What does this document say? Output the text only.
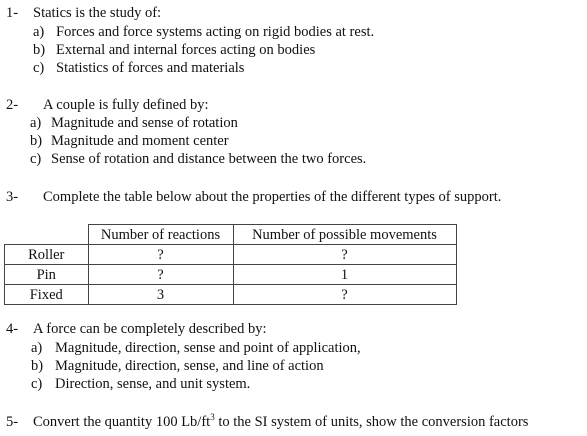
1- Statics is the study of:
a) Forces and force systems acting on rigid bodies at rest.
b) External and internal forces acting on bodies
c) Statistics of forces and materials
2- A couple is fully defined by:
a) Magnitude and sense of rotation
b) Magnitude and moment center
c) Sense of rotation and distance between the two forces.
3- Complete the table below about the properties of the different types of support.
	Number of reactions	Number of possible movements
Roller	?	?
Pin	?	1
Fixed	3	?
4- A force can be completely described by:
a) Magnitude, direction, sense and point of application,
b) Magnitude, direction, sense, and line of action
c) Direction, sense, and unit system.
5- Convert the quantity 100 $Lb/ft^3$ to the SI system of units, show the conversion factors
